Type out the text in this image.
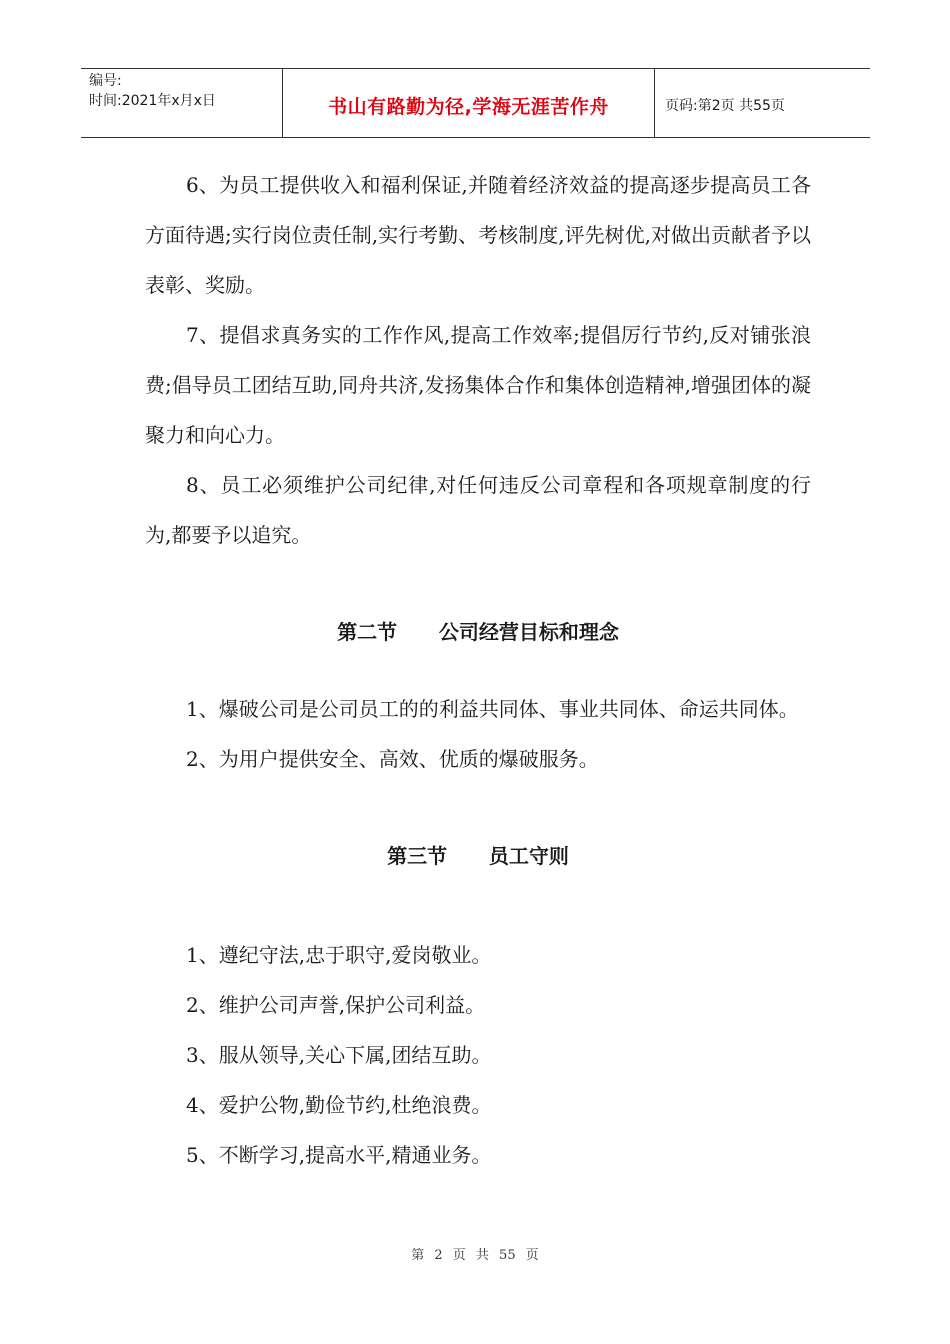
编号:
时间:2021年x月x日	书山有路勤为径,学海无涯苦作舟	页码:第2页 共55页

6、为员工提供收入和福利保证,并随着经济效益的提高逐步提高员工各方面待遇;实行岗位责任制,实行考勤、考核制度,评先树优,对做出贡献者予以表彰、奖励。

7、提倡求真务实的工作作风,提高工作效率;提倡厉行节约,反对铺张浪费;倡导员工团结互助,同舟共济,发扬集体合作和集体创造精神,增强团体的凝聚力和向心力。

8、员工必须维护公司纪律,对任何违反公司章程和各项规章制度的行为,都要予以追究。

第二节      公司经营目标和理念

1、爆破公司是公司员工的的利益共同体、事业共同体、命运共同体。

2、为用户提供安全、高效、优质的爆破服务。

第三节      员工守则

1、遵纪守法,忠于职守,爱岗敬业。

2、维护公司声誉,保护公司利益。

3、服从领导,关心下属,团结互助。

4、爱护公物,勤俭节约,杜绝浪费。

5、不断学习,提高水平,精通业务。

第 2 页 共 55 页
